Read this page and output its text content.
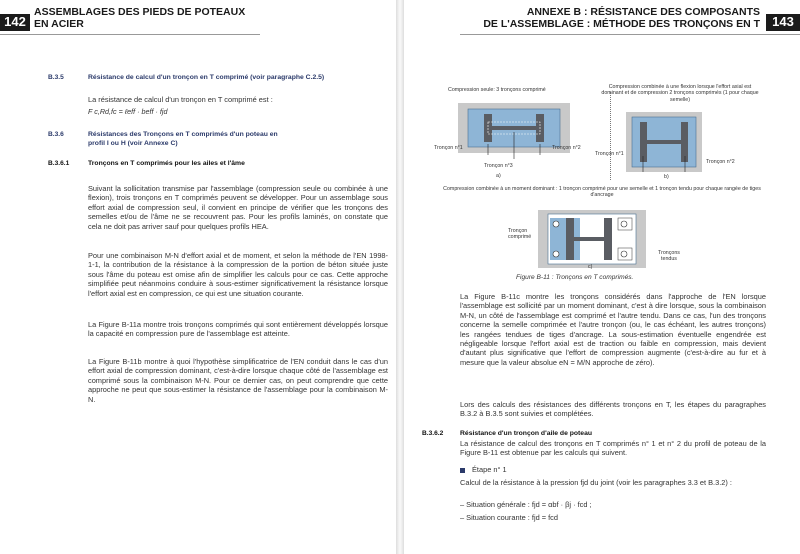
142
ASSEMBLAGES DES PIEDS DE POTEAUX EN ACIER
B.3.5	Résistance de calcul d'un tronçon en T comprimé (voir paragraphe C.2.5)
La résistance de calcul d'un tronçon en T comprimé est :
F c,Rd,fc = ℓeff · beff · fjd
B.3.6	Résistances des Tronçons en T comprimés d'un poteau en profil I ou H (voir Annexe C)
B.3.6.1	Tronçons en T comprimés pour les ailes et l'âme
Suivant la sollicitation transmise par l'assemblage (compression seule ou combinée à une flexion), trois tronçons en T comprimés peuvent se développer. Pour un assemblage sous effort axial de compression seul, il convient en principe de vérifier que les tronçons des semelles et/ou de l'âme ne se recouvrent pas. Pour les profils laminés, on constate que cela ne doit pas arriver sauf pour quelques profils HEA.
Pour une combinaison M-N d'effort axial et de moment, et selon la méthode de l'EN 1998-1-1, la contribution de la résistance à la compression de la portion de béton située juste sous l'âme du poteau est omise afin de simplifier les calculs pour ce cas. Cette approche simplifiée peut néanmoins conduire à sous-estimer significativement la résistance lorsque l'effort axial est en compression, ce qui est une situation courante.
La Figure B-11a montre trois tronçons comprimés qui sont entièrement développés lorsque la capacité en compression pure de l'assemblage est atteinte.
La Figure B-11b montre à quoi l'hypothèse simplificatrice de l'EN conduit dans le cas d'un effort axial de compression dominant, c'est-à-dire lorsque chaque côté de l'assemblage est comprimé sous la combinaison M-N. Pour ce dernier cas, on peut comprendre que cette approche ne peut que sous-estimer la résistance de l'assemblage pour la combinaison M-N.
143
ANNEXE B : RÉSISTANCE DES COMPOSANTS
DE L'ASSEMBLAGE : MÉTHODE DES TRONÇONS EN T
Compression seule: 3 tronçons comprimé
Tronçon n°1	Tronçon n°2
Tronçon n°3
a)
Compression combinée à une flexion lorsque l'effort axial est dominant et de compression 2 tronçons comprimés (1 pour chaque semelle)
Tronçon n°1
Tronçon n°2
b)
Compression combinée à un moment dominant : 1 tronçon comprimé pour une semelle et 1 tronçon tendu pour chaque rangée de tiges d'ancrage
Tronçon comprimé
Tronçons tendus
c)
Figure B-11 : Tronçons en T comprimés.
La Figure B-11c montre les tronçons considérés dans l'approche de l'EN lorsque l'assemblage est sollicité par un moment dominant, c'est à dire lorsque, sous la combinaison M-N, un côté de l'assemblage est comprimé et l'autre tendu. Dans ce cas, l'un des tronçons concerne la semelle comprimée et l'autre tronçon (ou, le cas échéant, les autres tronçons) les rangées tendues de tiges d'ancrage. La sous-estimation éventuelle engendrée est négligeable lorsque l'effort axial est de traction ou faible en compression, mais devient d'autant plus significative que l'effort de compression augmente (c'est-à-dire au fur et à mesure que la valeur absolue eN = M/N approche de zéro).
Lors des calculs des résistances des différents tronçons en T, les étapes du paragraphes B.3.2 à B.3.5 sont suivies et complétées.
B.3.6.2 Résistance d'un tronçon d'aile de poteau
La résistance de calcul des tronçons en T comprimés n° 1 et n° 2 du profil de poteau de la Figure B-11 est obtenue par les calculs qui suivent.
Étape n° 1
Calcul de la résistance à la pression fjd du joint (voir les paragraphes 3.3 et B.3.2) :
– Situation générale : fjd = αbf · βj · fcd ;
– Situation courante : fjd = fcd
